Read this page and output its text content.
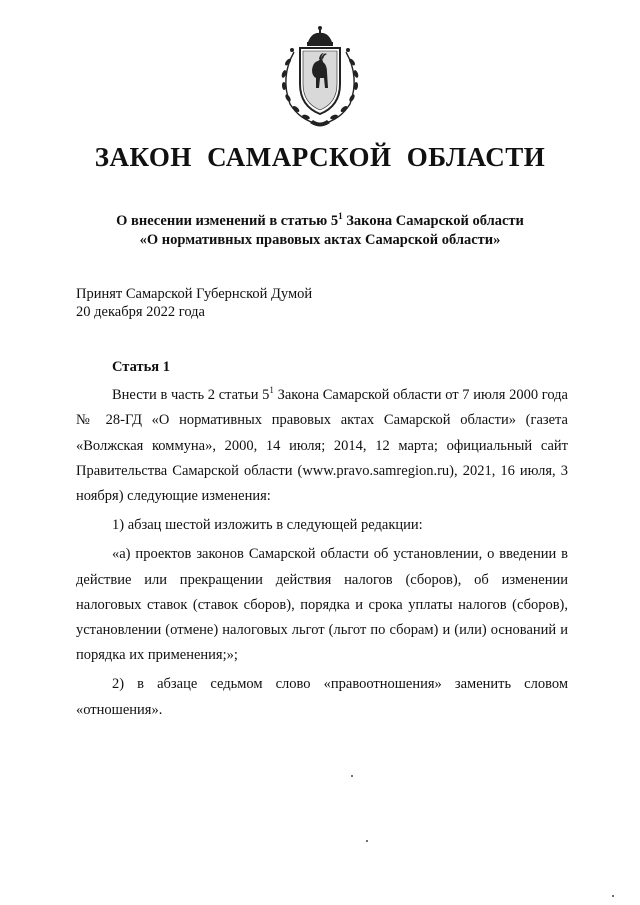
ЗАКОН САМАРСКОЙ ОБЛАСТИ
О внесении изменений в статью $5^1$ Закона Самарской области
«О нормативных правовых актах Самарской области»
Принят Самарской Губернской Думой
20 декабря 2022 года

Статья 1

Внести в часть 2 статьи $5^1$ Закона Самарской области от 7 июля 2000 года № 28-ГД «О нормативных правовых актах Самарской области» (газета «Волжская коммуна», 2000, 14 июля; 2014, 12 марта; официальный сайт Правительства Самарской области (www.pravo.samregion.ru), 2021, 16 июля, 3 ноября) следующие изменения:

1) абзац шестой изложить в следующей редакции:

«а) проектов законов Самарской области об установлении, о введении в действие или прекращении действия налогов (сборов), об изменении налоговых ставок (ставок сборов), порядка и срока уплаты налогов (сборов), установлении (отмене) налоговых льгот (льгот по сборам) и (или) оснований и порядка их применения;»;

2) в абзаце седьмом слово «правоотношения» заменить словом «отношения».
